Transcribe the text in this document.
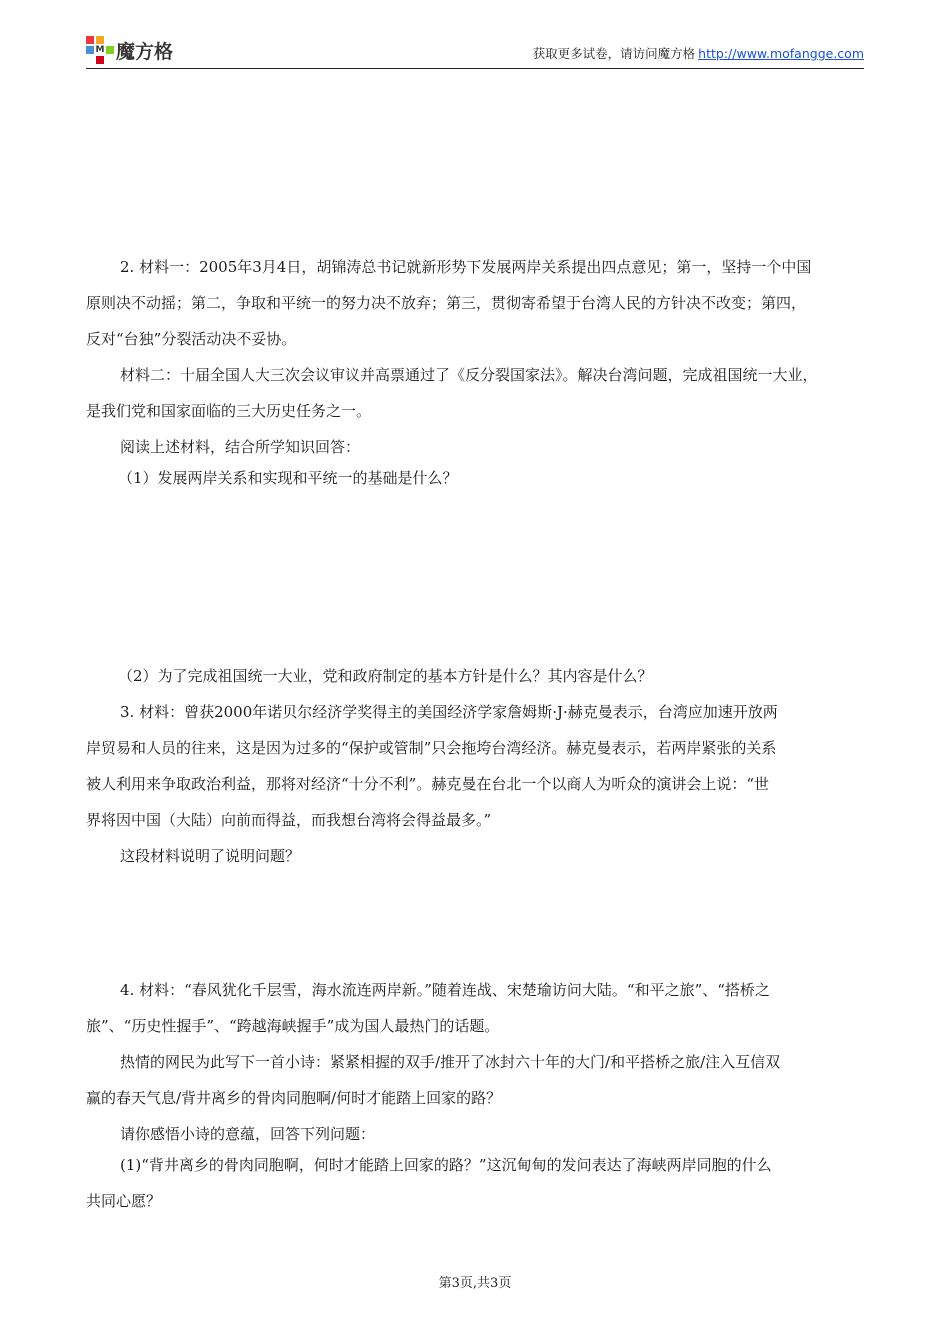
M 魔方格	获取更多试卷，请访问魔方格 http://www.mofangge.com
2. 材料一：2005年3月4日，胡锦涛总书记就新形势下发展两岸关系提出四点意见；第一，坚持一个中国
原则决不动摇；第二，争取和平统一的努力决不放弃；第三，贯彻寄希望于台湾人民的方针决不改变；第四，
反对“台独”分裂活动决不妥协。
材料二：十届全国人大三次会议审议并高票通过了《反分裂国家法》。解决台湾问题，完成祖国统一大业，
是我们党和国家面临的三大历史任务之一。
阅读上述材料，结合所学知识回答：
（1）发展两岸关系和实现和平统一的基础是什么？
（2）为了完成祖国统一大业，党和政府制定的基本方针是什么？其内容是什么？
3. 材料：曾获2000年诺贝尔经济学奖得主的美国经济学家詹姆斯·J·赫克曼表示，台湾应加速开放两
岸贸易和人员的往来，这是因为过多的“保护或管制”只会拖垮台湾经济。赫克曼表示，若两岸紧张的关系
被人利用来争取政治利益，那将对经济“十分不利”。赫克曼在台北一个以商人为听众的演讲会上说：“世
界将因中国（大陆）向前而得益，而我想台湾将会得益最多。”
这段材料说明了说明问题？
4. 材料：“春风犹化千层雪，海水流连两岸新。”随着连战、宋楚瑜访问大陆。“和平之旅”、“搭桥之
旅”、“历史性握手”、“跨越海峡握手”成为国人最热门的话题。
热情的网民为此写下一首小诗：紧紧相握的双手/推开了冰封六十年的大门/和平搭桥之旅/注入互信双
赢的春天气息/背井离乡的骨肉同胞啊/何时才能踏上回家的路？
请你感悟小诗的意蕴，回答下列问题：
(1)“背井离乡的骨肉同胞啊，何时才能踏上回家的路？”这沉甸甸的发问表达了海峡两岸同胞的什么
共同心愿？
第3页,共3页
